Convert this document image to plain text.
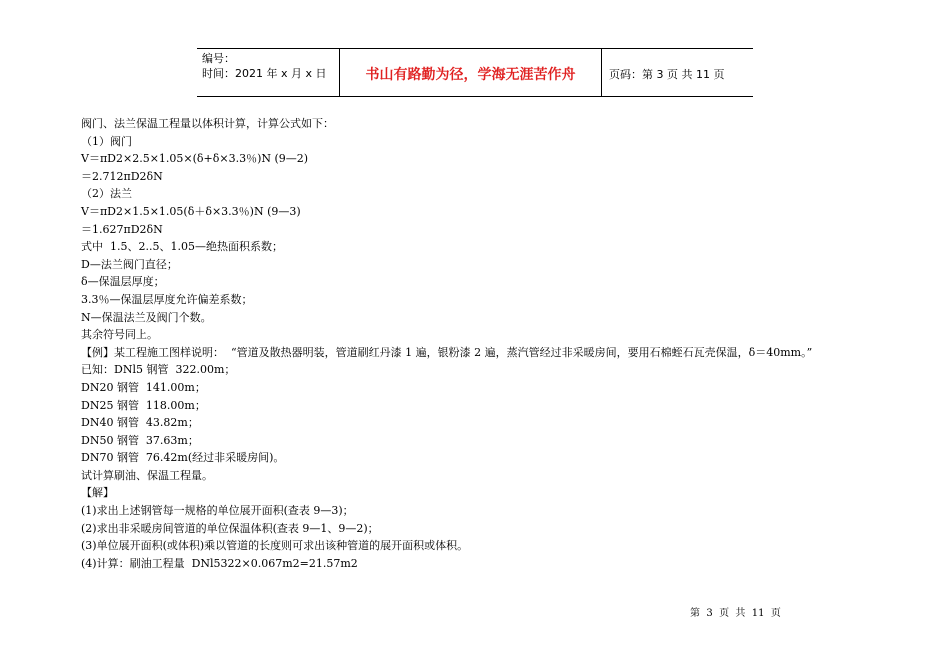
编号：
时间：2021 年 x 月 x 日	书山有路勤为径，学海无涯苦作舟	页码：第 3 页 共 11 页
阀门、法兰保温工程量以体积计算，计算公式如下：
（1）阀门
V＝πD2×2.5×1.05×(δ+δ×3.3％)N (9—2)
＝2.712πD2δN
（2）法兰
V＝πD2×1.5×1.05(δ＋δ×3.3％)N (9—3)
＝1.627πD2δN
式中  1.5、2..5、1.05—绝热面积系数；
D—法兰阀门直径；
δ—保温层厚度；
3.3％—保温层厚度允许偏差系数；
N—保温法兰及阀门个数。
其余符号同上。
【例】某工程施工图样说明：  “管道及散热器明装，管道刷红丹漆 1 遍，银粉漆 2 遍，蒸汽管经过非采暖房间，要用石棉蛭石瓦壳保温，δ＝40mm。”
已知：DNl5 钢管  322.00m；
DN20 钢管  141.00m；
DN25 钢管  118.00m；
DN40 钢管  43.82m；
DN50 钢管  37.63m；
DN70 钢管  76.42m(经过非采暖房间)。
试计算刷油、保温工程量。
【解】
(1)求出上述钢管每一规格的单位展开面积(查表 9—3)；
(2)求出非采暖房间管道的单位保温体积(查表 9—1、9—2)；
(3)单位展开面积(或体积)乘以管道的长度则可求出该种管道的展开面积或体积。
(4)计算：刷油工程量  DNl5322×0.067m2=21.57m2
第  3  页  共  11  页
